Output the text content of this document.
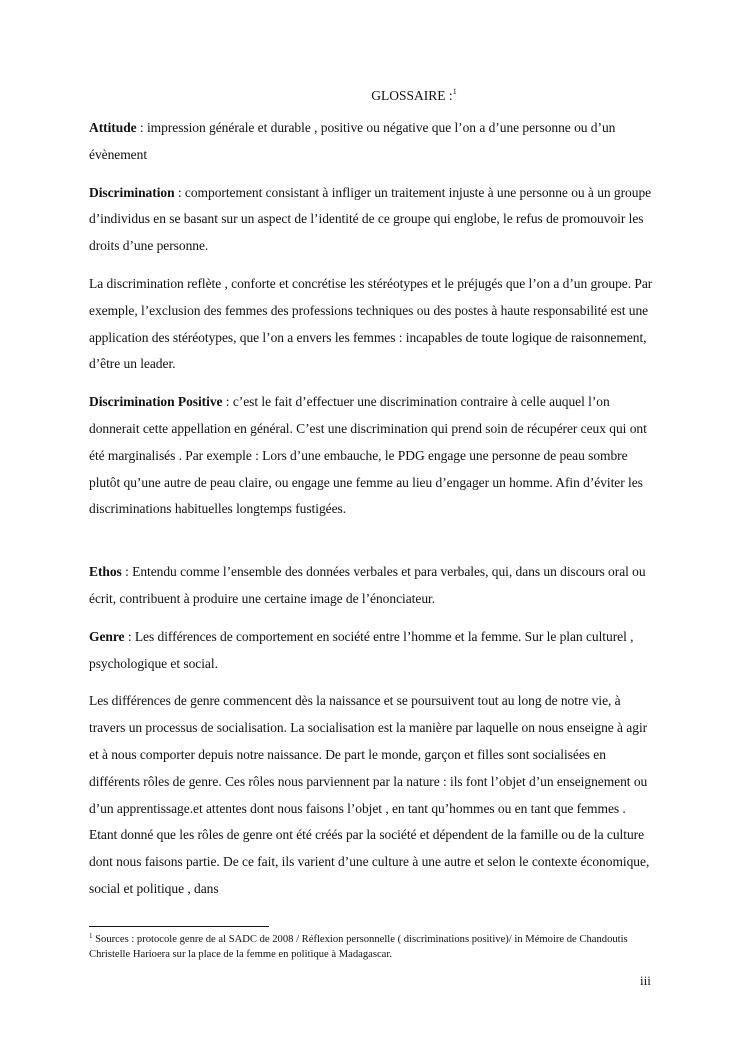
GLOSSAIRE :$^1$

Attitude : impression générale et durable , positive ou négative que l’on a d’une personne ou d’un évènement

Discrimination : comportement consistant à infliger un traitement injuste à une personne ou à un groupe d’individus en se basant sur un aspect de l’identité de ce groupe qui englobe, le refus de promouvoir les droits d’une personne.

La discrimination reflète , conforte et concrétise les stéréotypes et le préjugés que l’on a d’un groupe. Par exemple, l’exclusion des femmes des professions techniques ou des postes à haute responsabilité est une application des stéréotypes, que l’on a envers les femmes : incapables de toute logique de raisonnement, d’être un leader.

Discrimination Positive : c’est le fait d’effectuer une discrimination contraire à celle auquel l’on donnerait cette appellation en général. C’est une discrimination qui prend soin de récupérer ceux qui ont été marginalisés . Par exemple : Lors d’une embauche, le PDG engage une personne de peau sombre plutôt qu’une autre de peau claire, ou engage une femme au lieu d’engager un homme. Afin d’éviter les discriminations habituelles longtemps fustigées.

Ethos : Entendu comme l’ensemble des données verbales et para verbales, qui, dans un discours oral ou écrit, contribuent à produire une certaine image de l’énonciateur.

Genre : Les différences de comportement en société entre l’homme et la femme. Sur le plan culturel , psychologique et social.

Les différences de genre commencent dès la naissance et se poursuivent tout au long de notre vie, à travers un processus de socialisation. La socialisation est la manière par laquelle on nous enseigne à agir et à nous comporter depuis notre naissance. De part le monde, garçon et filles sont socialisées en différents rôles de genre. Ces rôles nous parviennent par la nature : ils font l’objet d’un enseignement ou d’un apprentissage.et attentes dont nous faisons l’objet , en tant qu’hommes ou en tant que femmes . Etant donné que les rôles de genre ont été créés par la société et dépendent de la famille ou de la culture dont nous faisons partie. De ce fait, ils varient d’une culture à une autre et selon le contexte économique, social et politique , dans

$^1$ Sources : protocole genre de al SADC de 2008 / Réflexion personnelle ( discriminations positive)/ in Mémoire de Chandoutis Christelle Harioera sur la place de la femme en politique à Madagascar.
iii
